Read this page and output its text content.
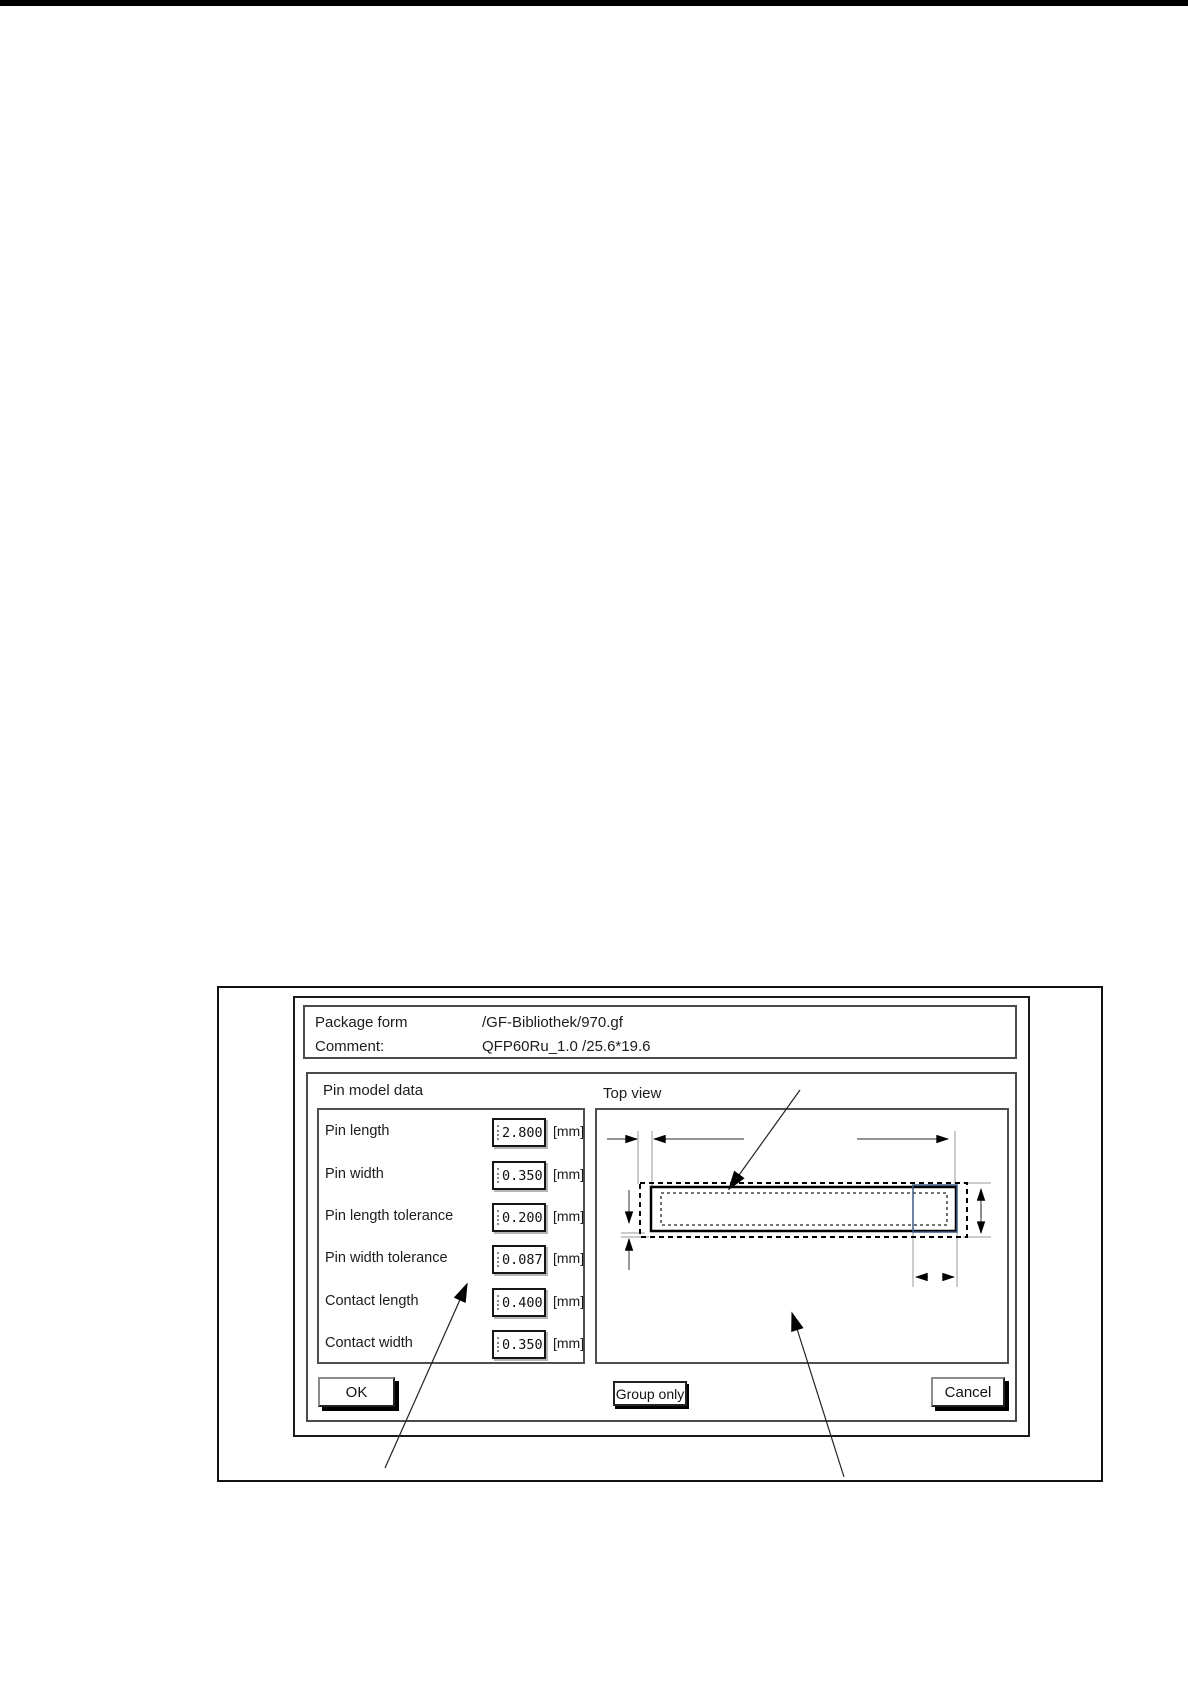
Package form	/GF-Bibliothek/970.gf
Comment:	QFP60Ru_1.0 /25.6*19.6
Pin model data	Top view
Pin length	2.800 [mm]
Pin width	0.350 [mm]
Pin length tolerance	0.200 [mm]
Pin width tolerance	0.087 [mm]
Contact length	0.400 [mm]
Contact width	0.350 [mm]
OK	Group only	Cancel
